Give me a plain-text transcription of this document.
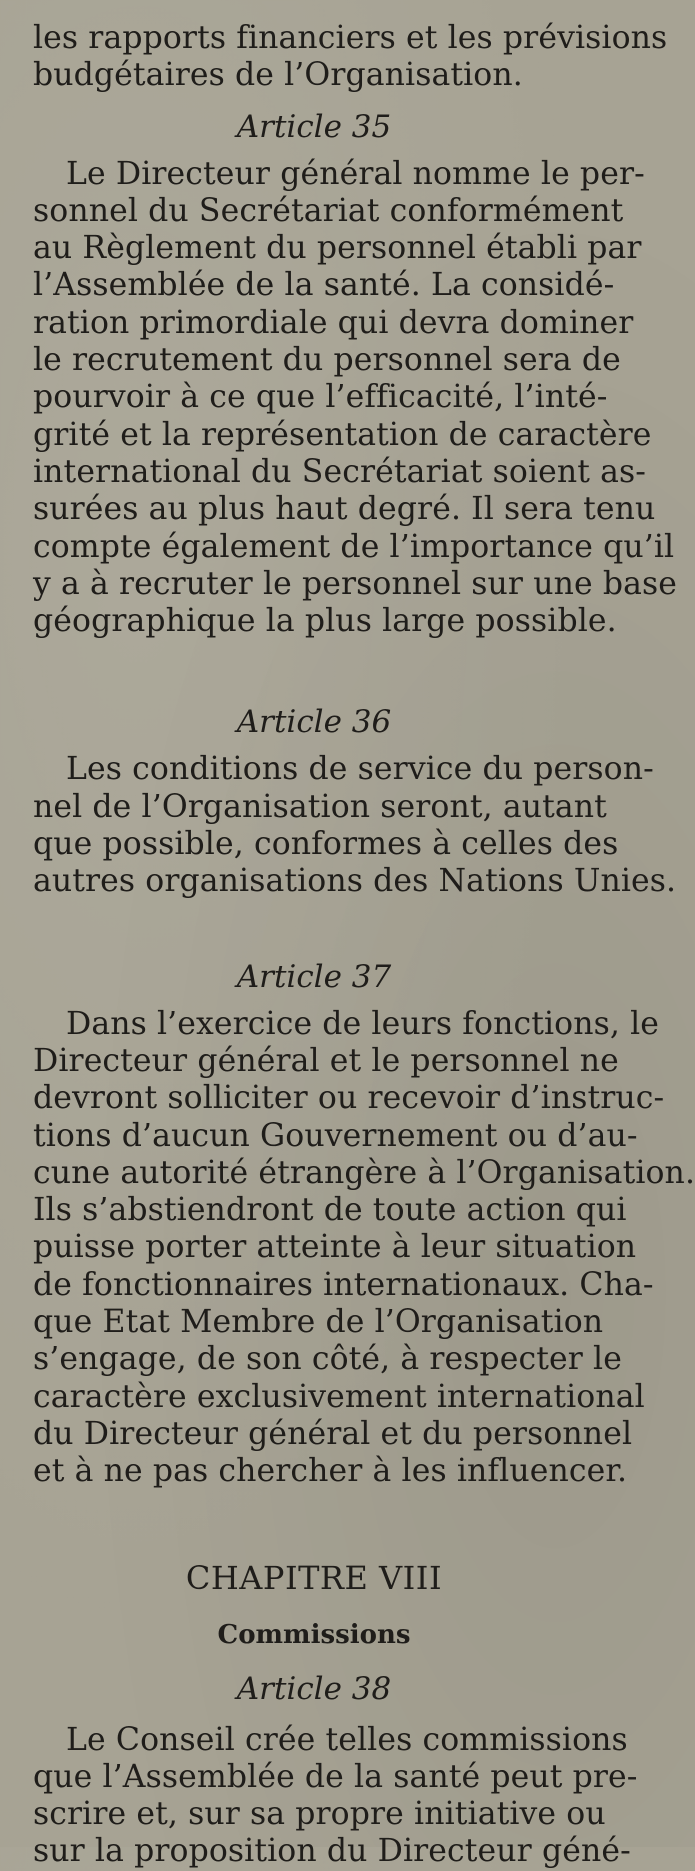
les rapports financiers et les prévisions
budgétaires de l’Organisation.
Article 35
Le Directeur général nomme le per-
sonnel du Secrétariat conformément
au Règlement du personnel établi par
l’Assemblée de la santé. La considé-
ration primordiale qui devra dominer
le recrutement du personnel sera de
pourvoir à ce que l’efficacité, l’inté-
grité et la représentation de caractère
international du Secrétariat soient as-
surées au plus haut degré. Il sera tenu
compte également de l’importance qu’il
y a à recruter le personnel sur une base
géographique la plus large possible.
Article 36
Les conditions de service du person-
nel de l’Organisation seront, autant
que possible, conformes à celles des
autres organisations des Nations Unies.
Article 37
Dans l’exercice de leurs fonctions, le
Directeur général et le personnel ne
devront solliciter ou recevoir d’instruc-
tions d’aucun Gouvernement ou d’au-
cune autorité étrangère à l’Organisation.
Ils s’abstiendront de toute action qui
puisse porter atteinte à leur situation
de fonctionnaires internationaux. Cha-
que Etat Membre de l’Organisation
s’engage, de son côté, à respecter le
caractère exclusivement international
du Directeur général et du personnel
et à ne pas chercher à les influencer.
CHAPITRE VIII
Commissions
Article 38
Le Conseil crée telles commissions
que l’Assemblée de la santé peut pre-
scrire et, sur sa propre initiative ou
sur la proposition du Directeur géné-
